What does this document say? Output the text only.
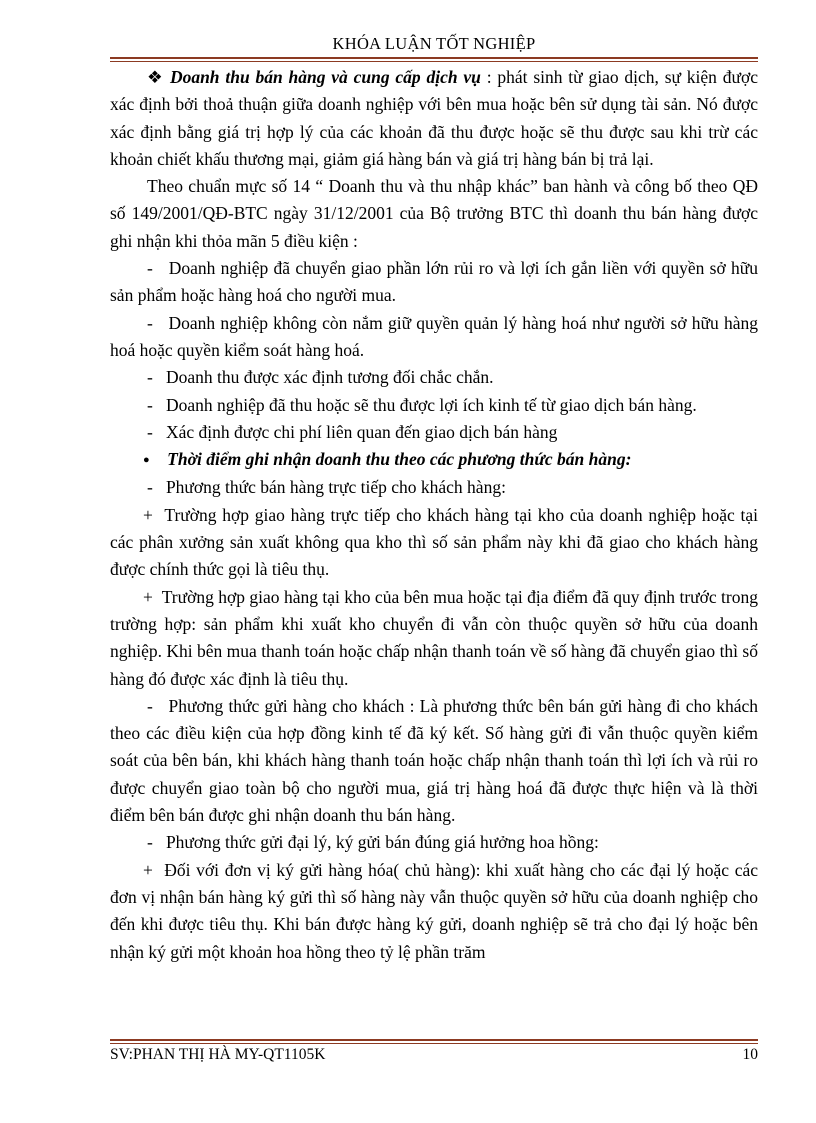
KHÓA LUẬN TỐT NGHIỆP
❖ Doanh thu bán hàng và cung cấp dịch vụ : phát sinh từ giao dịch, sự kiện được xác định bởi thoả thuận giữa doanh nghiệp với bên mua hoặc bên sử dụng tài sản. Nó được xác định bằng giá trị hợp lý của các khoản đã thu được hoặc sẽ thu được sau khi trừ các khoản chiết khấu thương mại, giảm giá hàng bán và giá trị hàng bán bị trả lại.
Theo chuẩn mực số 14 “ Doanh thu và thu nhập khác” ban hành và công bố theo QĐ số 149/2001/QĐ-BTC ngày 31/12/2001 của Bộ trưởng BTC thì doanh thu bán hàng được ghi nhận khi thỏa mãn 5 điều kiện :
- Doanh nghiệp đã chuyển giao phần lớn rủi ro và lợi ích gắn liền với quyền sở hữu sản phẩm hoặc hàng hoá cho người mua.
- Doanh nghiệp không còn nắm giữ quyền quản lý hàng hoá như người sở hữu hàng hoá hoặc quyền kiểm soát hàng hoá.
- Doanh thu được xác định tương đối chắc chắn.
- Doanh nghiệp đã thu hoặc sẽ thu được lợi ích kinh tế từ giao dịch bán hàng.
- Xác định được chi phí liên quan đến giao dịch bán hàng
● Thời điểm ghi nhận doanh thu theo các phương thức bán hàng:
- Phương thức bán hàng trực tiếp cho khách hàng:
+ Trường hợp giao hàng trực tiếp cho khách hàng tại kho của doanh nghiệp hoặc tại các phân xưởng sản xuất không qua kho thì số sản phẩm này khi đã giao cho khách hàng được chính thức gọi là tiêu thụ.
+ Trường hợp giao hàng tại kho của bên mua hoặc tại địa điểm đã quy định trước trong trường hợp: sản phẩm khi xuất kho chuyển đi vẫn còn thuộc quyền sở hữu của doanh nghiệp. Khi bên mua thanh toán hoặc chấp nhận thanh toán về số hàng đã chuyển giao thì số hàng đó được xác định là tiêu thụ.
- Phương thức gửi hàng cho khách : Là phương thức bên bán gửi hàng đi cho khách theo các điều kiện của hợp đồng kinh tế đã ký kết. Số hàng gửi đi vẫn thuộc quyền kiểm soát của bên bán, khi khách hàng thanh toán hoặc chấp nhận thanh toán thì lợi ích và rủi ro được chuyển giao toàn bộ cho người mua, giá trị hàng hoá đã được thực hiện và là thời điểm bên bán được ghi nhận doanh thu bán hàng.
- Phương thức gửi đại lý, ký gửi bán đúng giá hưởng hoa hồng:
+ Đối với đơn vị ký gửi hàng hóa( chủ hàng): khi xuất hàng cho các đại lý hoặc các đơn vị nhận bán hàng ký gửi thì số hàng này vẫn thuộc quyền sở hữu của doanh nghiệp cho đến khi được tiêu thụ. Khi bán được hàng ký gửi, doanh nghiệp sẽ trả cho đại lý hoặc bên nhận ký gửi một khoản hoa hồng theo tỷ lệ phần trăm
SV:PHAN THỊ HÀ MY-QT1105K	10
